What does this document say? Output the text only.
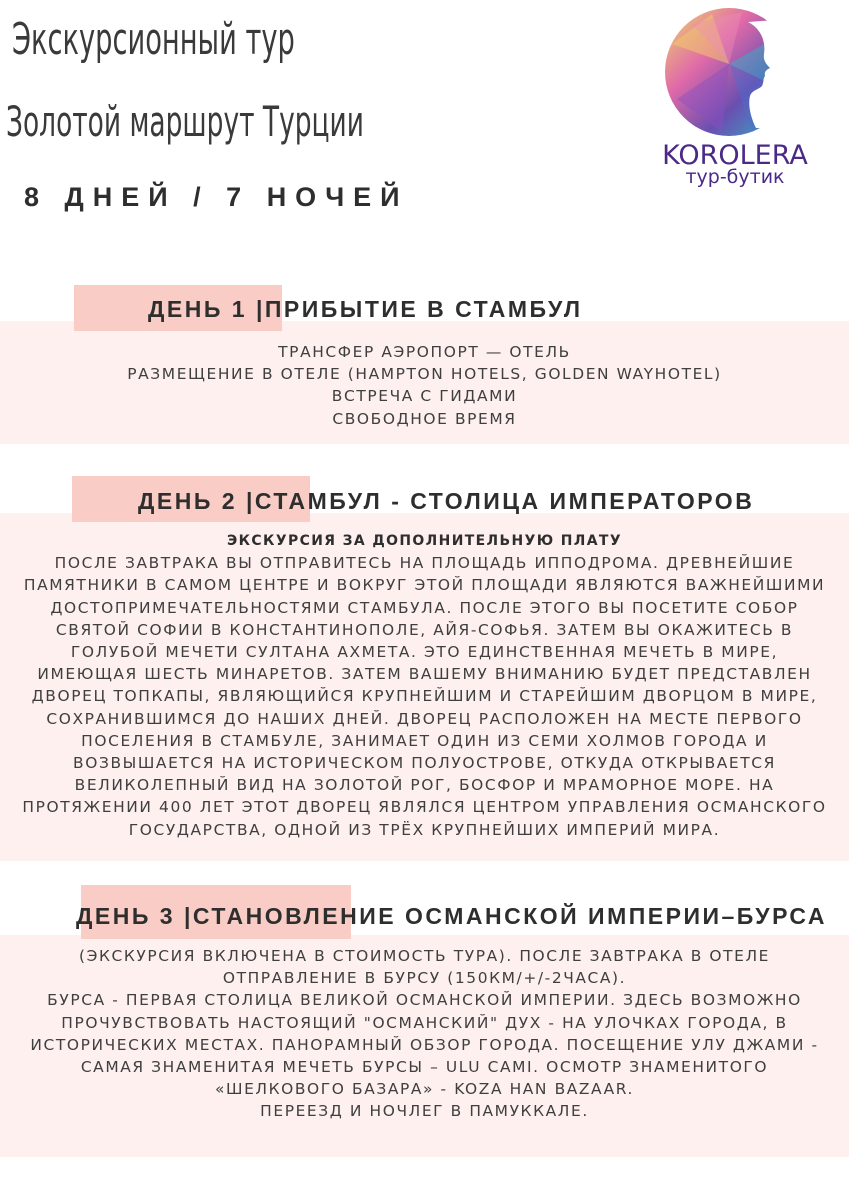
Экскурсионный тур
Золотой маршрут Турции
8 ДНЕЙ / 7 НОЧЕЙ
KOROLERA
тур-бутик
ДЕНЬ 1 |ПРИБЫТИЕ В СТАМБУЛ
ТРАНСФЕР АЭРОПОРТ — ОТЕЛЬ
РАЗМЕЩЕНИЕ В ОТЕЛЕ (HAMPTON HOTELS, GOLDEN WAYHOTEL)
ВСТРЕЧА С ГИДАМИ
СВОБОДНОЕ ВРЕМЯ
ДЕНЬ 2 |СТАМБУЛ - СТОЛИЦА ИМПЕРАТОРОВ
ЭКСКУРСИЯ ЗА ДОПОЛНИТЕЛЬНУЮ ПЛАТУ
ПОСЛЕ ЗАВТРАКА ВЫ ОТПРАВИТЕСЬ НА ПЛОЩАДЬ ИППОДРОМА. ДРЕВНЕЙШИЕ
ПАМЯТНИКИ В САМОМ ЦЕНТРЕ И ВОКРУГ ЭТОЙ ПЛОЩАДИ ЯВЛЯЮТСЯ ВАЖНЕЙШИМИ
ДОСТОПРИМЕЧАТЕЛЬНОСТЯМИ СТАМБУЛА. ПОСЛЕ ЭТОГО ВЫ ПОСЕТИТЕ СОБОР
СВЯТОЙ СОФИИ В КОНСТАНТИНОПОЛЕ, АЙЯ-СОФЬЯ. ЗАТЕМ ВЫ ОКАЖИТЕСЬ В
ГОЛУБОЙ МЕЧЕТИ СУЛТАНА АХМЕТА. ЭТО ЕДИНСТВЕННАЯ МЕЧЕТЬ В МИРЕ,
ИМЕЮЩАЯ ШЕСТЬ МИНАРЕТОВ. ЗАТЕМ ВАШЕМУ ВНИМАНИЮ БУДЕТ ПРЕДСТАВЛЕН
ДВОРЕЦ ТОПКАПЫ, ЯВЛЯЮЩИЙСЯ КРУПНЕЙШИМ И СТАРЕЙШИМ ДВОРЦОМ В МИРЕ,
СОХРАНИВШИМСЯ ДО НАШИХ ДНЕЙ. ДВОРЕЦ РАСПОЛОЖЕН НА МЕСТЕ ПЕРВОГО
ПОСЕЛЕНИЯ В СТАМБУЛЕ, ЗАНИМАЕТ ОДИН ИЗ СЕМИ ХОЛМОВ ГОРОДА И
ВОЗВЫШАЕТСЯ НА ИСТОРИЧЕСКОМ ПОЛУОСТРОВЕ, ОТКУДА ОТКРЫВАЕТСЯ
ВЕЛИКОЛЕПНЫЙ ВИД НА ЗОЛОТОЙ РОГ, БОСФОР И МРАМОРНОЕ МОРЕ. НА
ПРОТЯЖЕНИИ 400 ЛЕТ ЭТОТ ДВОРЕЦ ЯВЛЯЛСЯ ЦЕНТРОМ УПРАВЛЕНИЯ ОСМАНСКОГО
ГОСУДАРСТВА, ОДНОЙ ИЗ ТРЁХ КРУПНЕЙШИХ ИМПЕРИЙ МИРА.
ДЕНЬ 3 |СТАНОВЛЕНИЕ ОСМАНСКОЙ ИМПЕРИИ–БУРСА
(ЭКСКУРСИЯ ВКЛЮЧЕНА В СТОИМОСТЬ ТУРА). ПОСЛЕ ЗАВТРАКА В ОТЕЛЕ
ОТПРАВЛЕНИЕ В БУРСУ (150КМ/+/-2ЧАСА).
БУРСА - ПЕРВАЯ СТОЛИЦА ВЕЛИКОЙ ОСМАНСКОЙ ИМПЕРИИ. ЗДЕСЬ ВОЗМОЖНО
ПРОЧУВСТВОВАТЬ НАСТОЯЩИЙ "ОСМАНСКИЙ" ДУХ - НА УЛОЧКАХ ГОРОДА, В
ИСТОРИЧЕСКИХ МЕСТАХ. ПАНОРАМНЫЙ ОБЗОР ГОРОДА. ПОСЕЩЕНИЕ УЛУ ДЖАМИ -
САМАЯ ЗНАМЕНИТАЯ МЕЧЕТЬ БУРСЫ – ULU CAMI. ОСМОТР ЗНАМЕНИТОГО
«ШЕЛКОВОГО БАЗАРА» - KOZA HAN BAZAAR.
ПЕРЕЕЗД И НОЧЛЕГ В ПАМУККАЛЕ.
